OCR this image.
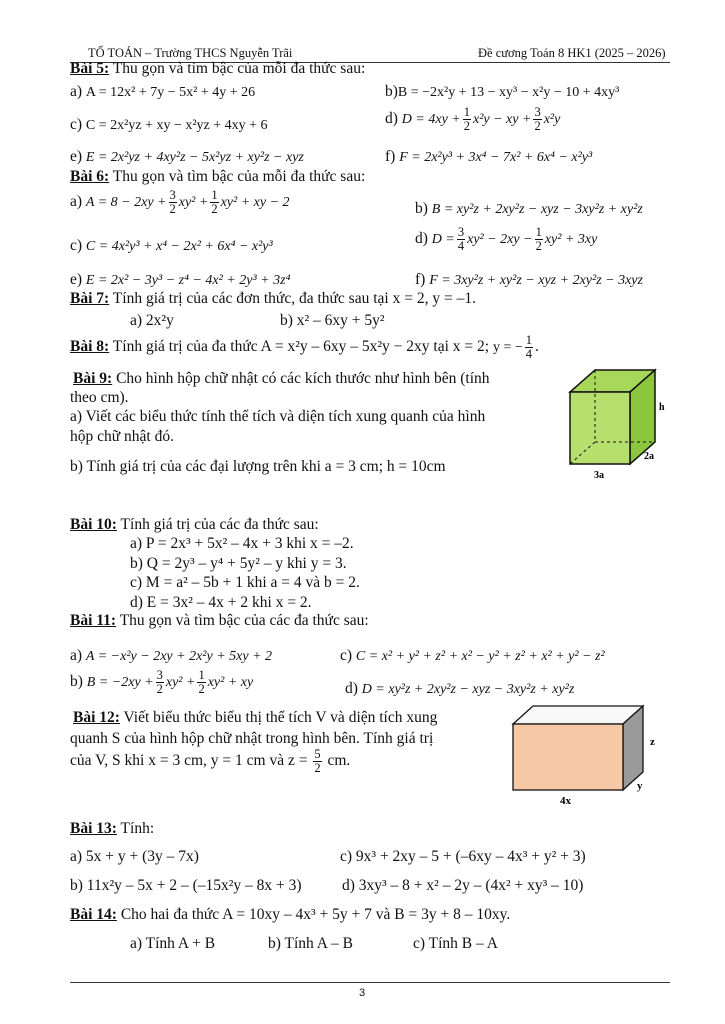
TỔ TOÁN – Trường THCS Nguyễn Trãi	Đề cương Toán 8 HK1 (2025 – 2026)
Bài 5: Thu gọn và tìm bậc của mỗi đa thức sau:
a) A = 12x² + 7y − 5x² + 4y + 26	b)B = −2x²y + 13 − xy³ − x²y − 10 + 4xy³
c) C = 2x²yz + xy − x²yz + 4xy + 6	d) $D = 4xy + \frac{1}{2} x^2y$ − xy + $\frac{3}{2} x^2y$
e) E = 2x²yz + 4xy²z − 5x²yz + xy²z − xyz	f) F = 2x²y³ + 3x⁴ − 7x² + 6x⁴ − x²y³
Bài 6: Thu gọn và tìm bậc của mỗi đa thức sau:
a) $A = 8 - 2xy + \frac{3}{2} xy^2 + \frac{1}{2} xy^2$ + xy − 2	b) B = xy²z + 2xy²z − xyz − 3xy²z + xy²z
c) C = 4x²y³ + x⁴ − 2x² + 6x⁴ − x²y³	d) $D = \frac{3}{4} xy^2 - 2xy - \frac{1}{2} xy^2 + 3xy$
e) E = 2x² − 3y³ − z⁴ − 4x² + 2y³ + 3z⁴	f) F = 3xy²z + xy²z − xyz + 2xy²z − 3xyz
Bài 7: Tính giá trị của các đơn thức, đa thức sau tại x = 2, y = –1.
a) 2x²y	b) x² – 6xy + 5y²
Bài 8: Tính giá trị của đa thức A = x²y – 6xy – 5x²y − 2xy tại x = 2; y = − $\frac{1}{4}$ .
Bài 9: Cho hình hộp chữ nhật có các kích thước như hình bên (tính
theo cm).
a) Viết các biểu thức tính thể tích và diện tích xung quanh của hình
hộp chữ nhật đó.
b) Tính giá trị của các đại lượng trên khi a = 3 cm; h = 10cm
h
2a
3a
Bài 10: Tính giá trị của các đa thức sau:
a) P = 2x³ + 5x² – 4x + 3 khi x = –2.
b) Q = 2y³ – y⁴ + 5y² – y khi y = 3.
c) M = a² – 5b + 1 khi a = 4 và b = 2.
d) E = 3x² – 4x + 2 khi x = 2.
Bài 11: Thu gọn và tìm bậc của các đa thức sau:
a) A = −x²y − 2xy + 2x²y + 5xy + 2	c) C = x² + y² + z² + x² − y² + z² + x² + y² − z²
b) $B = -2xy + \frac{3}{2} xy^2 + \frac{1}{2} xy^2$ + xy	d) D = xy²z + 2xy²z − xyz − 3xy²z + xy²z
Bài 12: Viết biểu thức biểu thị thể tích V và diện tích xung
quanh S của hình hộp chữ nhật trong hình bên. Tính giá trị
của V, S khi x = 3 cm, y = 1 cm và $z = \frac{5}{2}$ cm.
z
y
4x
Bài 13: Tính:
a) 5x + y + (3y – 7x)	c) 9x³ + 2xy – 5 + (–6xy – 4x³ + y² + 3)
b) 11x²y – 5x + 2 – (–15x²y – 8x + 3)	d) 3xy³ – 8 + x² – 2y – (4x² + xy³ – 10)
Bài 14: Cho hai đa thức A = 10xy – 4x³ + 5y + 7 và B = 3y + 8 – 10xy.
a) Tính A + B	b) Tính A – B	c) Tính B – A
3
